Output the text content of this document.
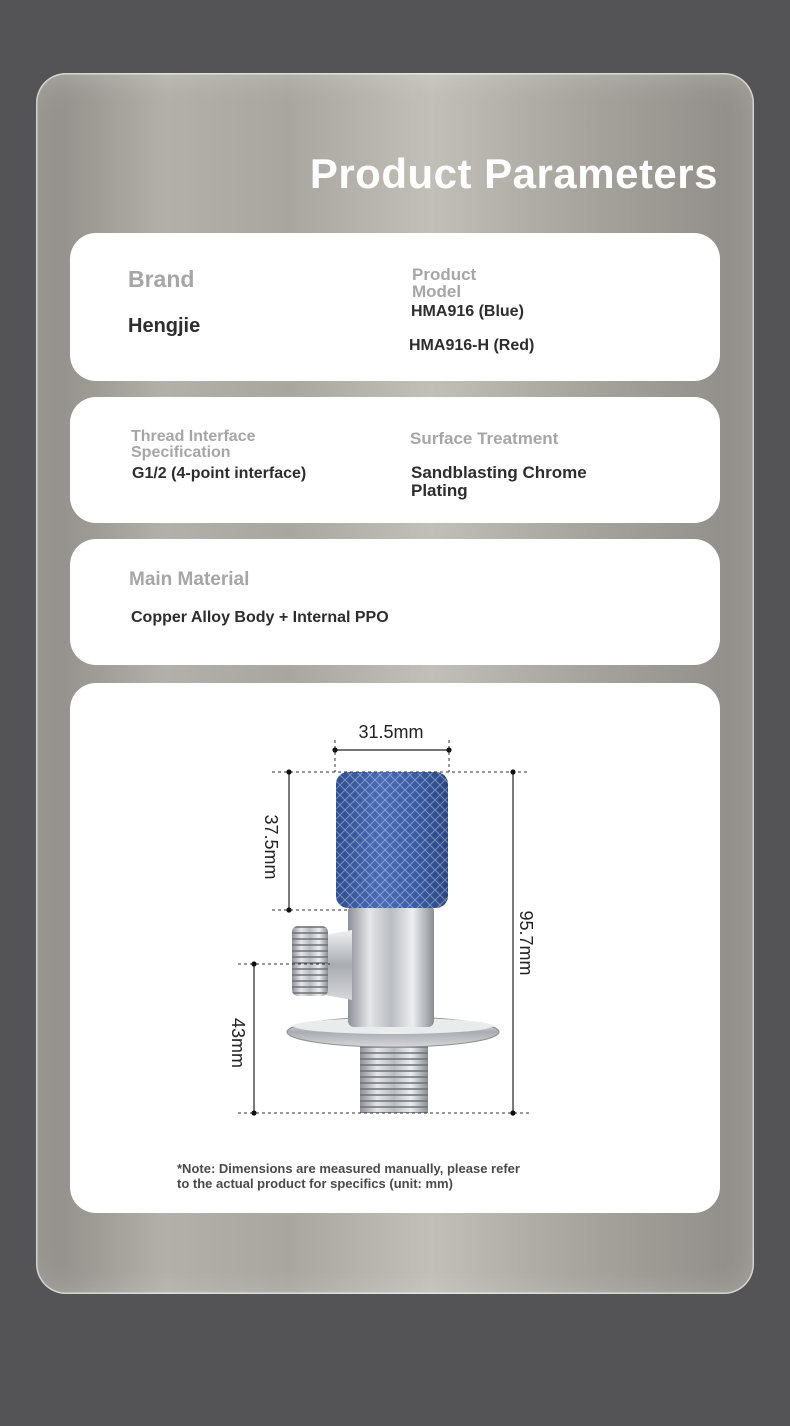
Product Parameters

Brand

Hengjie

Product
Model

HMA916 (Blue)

HMA916-H (Red)

Thread Interface
Specification

G1/2 (4-point interface)

Surface Treatment

Sandblasting Chrome
Plating

Main Material

Copper Alloy Body + Internal PPO

31.5mm
37.5mm
95.7mm
43mm

*Note: Dimensions are measured manually, please refer
to the actual product for specifics (unit: mm)
